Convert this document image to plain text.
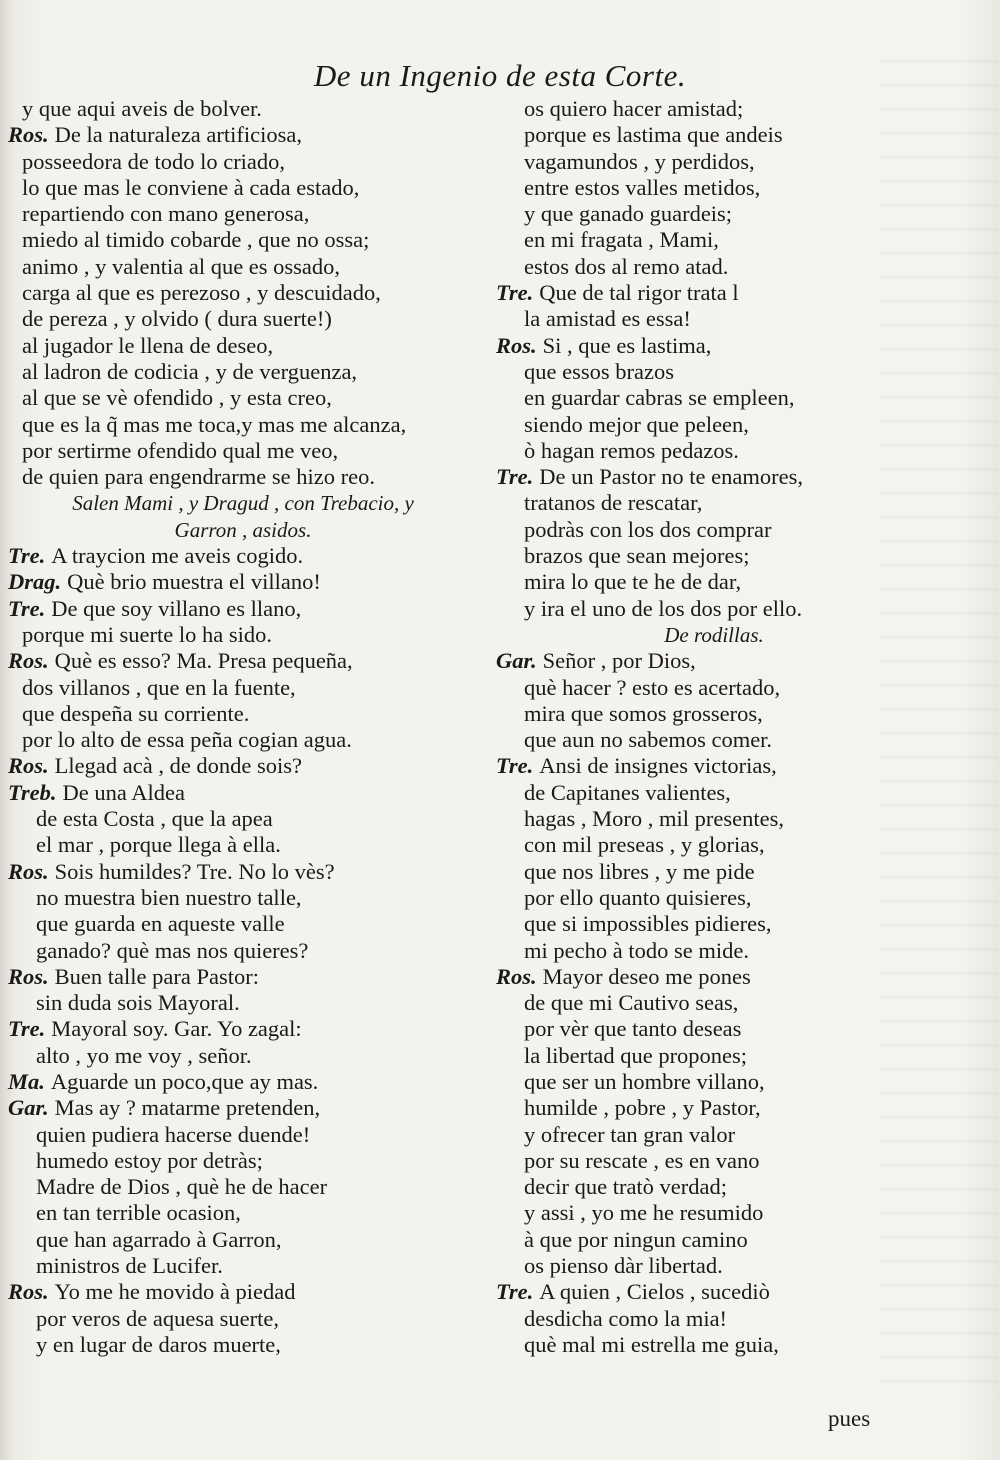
De un Ingenio de esta Corte.
y que aqui aveis de bolver.
Ros. De la naturaleza artificiosa,
posseedora de todo lo criado,
lo que mas le conviene à cada estado,
repartiendo con mano generosa,
miedo al timido cobarde , que no ossa;
animo , y valentia al que es ossado,
carga al que es perezoso , y descuidado,
de pereza , y olvido ( dura suerte!)
al jugador le llena de deseo,
al ladron de codicia , y de verguenza,
al que se vè ofendido , y esta creo,
que es la q̃ mas me toca,y mas me alcanza,
por sertirme ofendido qual me veo,
de quien para engendrarme se hizo reo.
Salen Mami , y Dragud , con Trebacio, y
Garron , asidos.
Tre. A traycion me aveis cogido.
Drag. Què brio muestra el villano!
Tre. De que soy villano es llano,
porque mi suerte lo ha sido.
Ros. Què es esso? Ma. Presa pequeña,
dos villanos , que en la fuente,
que despeña su corriente.
por lo alto de essa peña cogian agua.
Ros. Llegad acà , de donde sois?
Treb. De una Aldea
de esta Costa , que la apea
el mar , porque llega à ella.
Ros. Sois humildes? Tre. No lo vès?
no muestra bien nuestro talle,
que guarda en aqueste valle
ganado? què mas nos quieres?
Ros. Buen talle para Pastor:
sin duda sois Mayoral.
Tre. Mayoral soy. Gar. Yo zagal:
alto , yo me voy , señor.
Ma. Aguarde un poco,que ay mas.
Gar. Mas ay ? matarme pretenden,
quien pudiera hacerse duende!
humedo estoy por detràs;
Madre de Dios , què he de hacer
en tan terrible ocasion,
que han agarrado à Garron,
ministros de Lucifer.
Ros. Yo me he movido à piedad
por veros de aquesa suerte,
y en lugar de daros muerte,
os quiero hacer amistad;
porque es lastima que andeis
vagamundos , y perdidos,
entre estos valles metidos,
y que ganado guardeis;
en mi fragata , Mami,
estos dos al remo atad.
Tre. Que de tal rigor trata l
la amistad es essa!
Ros. Si , que es lastima,
que essos brazos
en guardar cabras se empleen,
siendo mejor que peleen,
ò hagan remos pedazos.
Tre. De un Pastor no te enamores,
tratanos de rescatar,
podràs con los dos comprar
brazos que sean mejores;
mira lo que te he de dar,
y ira el uno de los dos por ello.
De rodillas.
Gar. Señor , por Dios,
què hacer ? esto es acertado,
mira que somos grosseros,
que aun no sabemos comer.
Tre. Ansi de insignes victorias,
de Capitanes valientes,
hagas , Moro , mil presentes,
con mil preseas , y glorias,
que nos libres , y me pide
por ello quanto quisieres,
que si impossibles pidieres,
mi pecho à todo se mide.
Ros. Mayor deseo me pones
de que mi Cautivo seas,
por vèr que tanto deseas
la libertad que propones;
que ser un hombre villano,
humilde , pobre , y Pastor,
y ofrecer tan gran valor
por su rescate , es en vano
decir que tratò verdad;
y assi , yo me he resumido
à que por ningun camino
os pienso dàr libertad.
Tre. A quien , Cielos , sucediò
desdicha como la mia!
què mal mi estrella me guia,
pues
